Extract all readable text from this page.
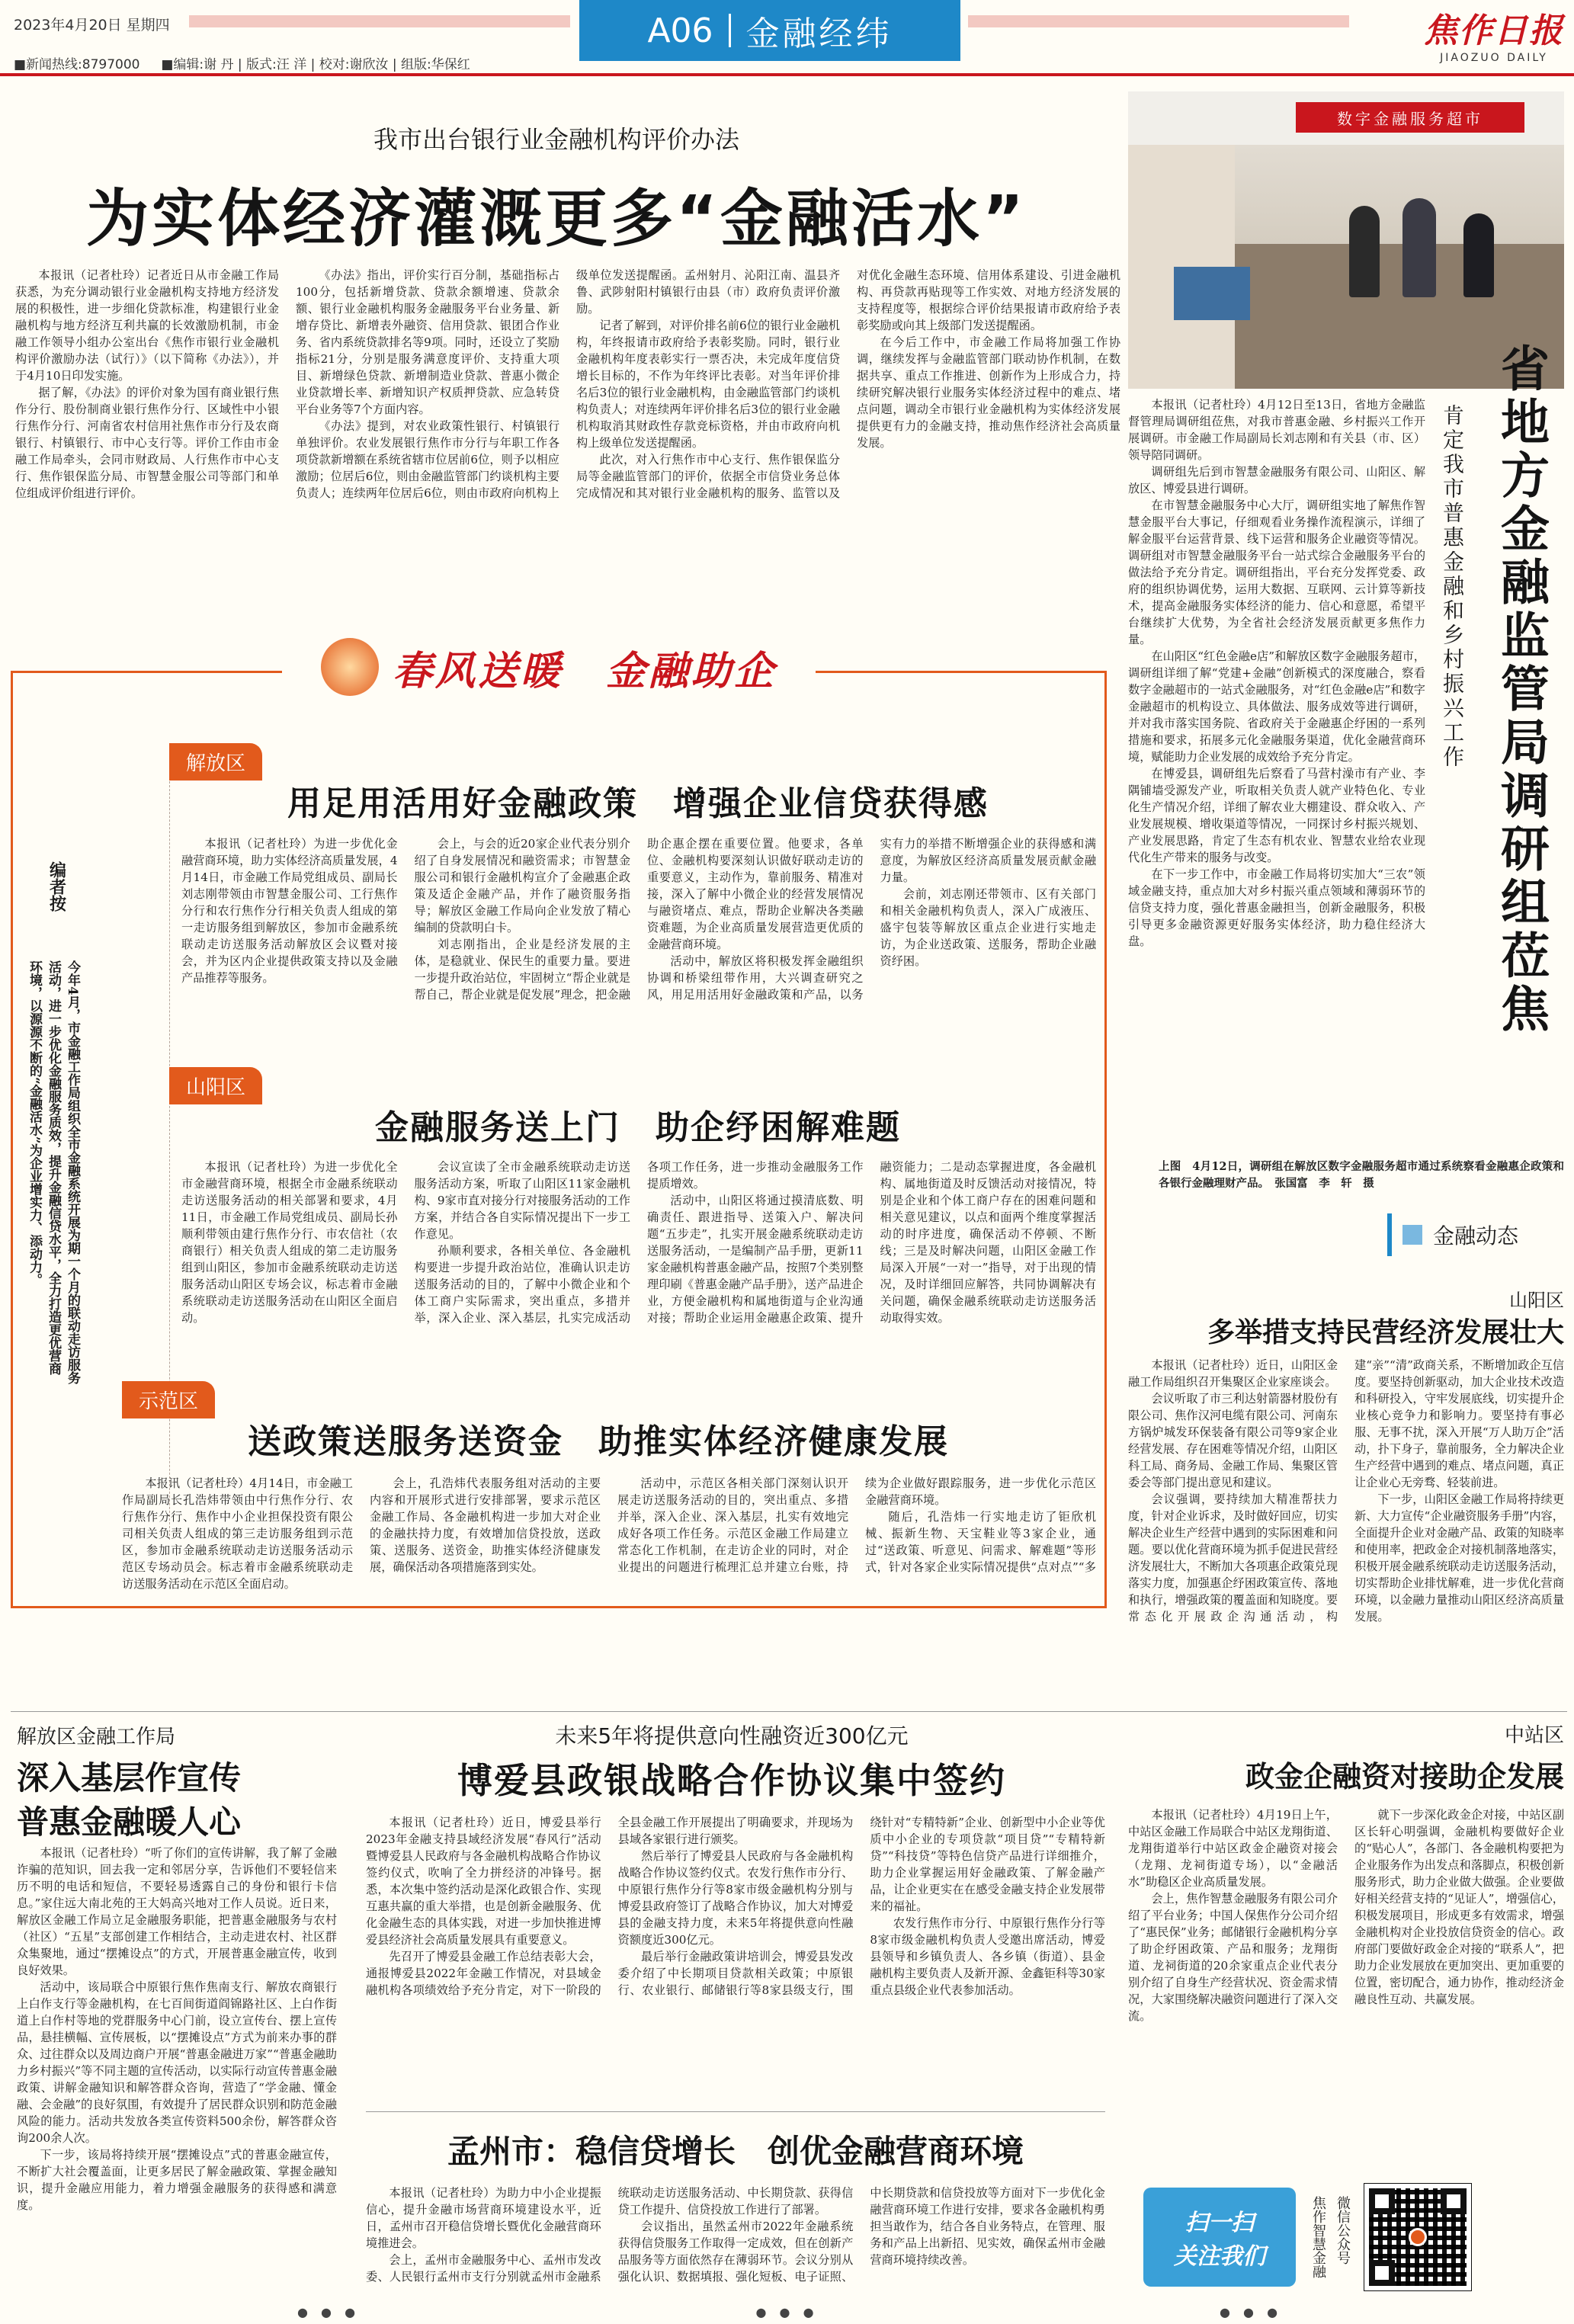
2023年4月20日 星期四	A06 金融经纬
■新闻热线:8797000 　 ■编辑:谢 丹 | 版式:汪 洋 | 校对:谢欣汝 | 组版:华保红
焦作日报
JIAOZUO DAILY
我市出台银行业金融机构评价办法
为实体经济灌溉更多“金融活水”

本报讯（记者杜玲）记者近日从市金融工作局获悉，为充分调动银行业金融机构支持地方经济发展的积极性，进一步细化贷款标准，构建银行业金融机构与地方经济互利共赢的长效激励机制，市金融工作领导小组办公室出台《焦作市银行业金融机构评价激励办法（试行）》（以下简称《办法》），并于4月10日印发实施。

据了解，《办法》的评价对象为国有商业银行焦作分行、股份制商业银行焦作分行、区域性中小银行焦作分行、河南省农村信用社焦作市分行及农商银行、村镇银行、市中心支行等。评价工作由市金融工作局牵头，会同市财政局、人行焦作市中心支行、焦作银保监分局、市智慧金服公司等部门和单位组成评价组进行评价。

《办法》指出，评价实行百分制，基础指标占100分，包括新增贷款、贷款余额增速、贷款余额、银行业金融机构服务金融服务平台业务量、新增存贷比、新增表外融资、信用贷款、银团合作业务、省内系统贷款排名等9项。同时，还设立了奖励指标21分，分别是服务满意度评价、支持重大项目、新增绿色贷款、新增制造业贷款、普惠小微企业贷款增长率、新增知识产权质押贷款、应急转贷平台业务等7个方面内容。

《办法》提到，对农业政策性银行、村镇银行单独评价。农业发展银行焦作市分行与年职工作各项贷款新增额在系统省辖市位居前6位，则予以相应激励；位居后6位，则由金融监管部门约谈机构主要负责人；连续两年位居后6位，则由市政府向机构上级单位发送提醒函。孟州射月、沁阳江南、温县齐鲁、武陟射阳村镇银行由县（市）政府负责评价激励。

记者了解到，对评价排名前6位的银行业金融机构，年终报请市政府给予表彰奖励。同时，银行业金融机构年度表彰实行一票否决，未完成年度信贷增长目标的，不作为年终评比表彰。对当年评价排名后3位的银行业金融机构，由金融监管部门约谈机构负责人；对连续两年评价排名后3位的银行业金融机构取消其财政性存款竞标资格，并由市政府向机构上级单位发送提醒函。

此次，对入行焦作市中心支行、焦作银保监分局等金融监管部门的评价，依据全市信贷业务总体完成情况和其对银行业金融机构的服务、监管以及对优化金融生态环境、信用体系建设、引进金融机构、再贷款再贴现等工作实效、对地方经济发展的支持程度等，根据综合评价结果报请市政府给予表彰奖励或向其上级部门发送提醒函。

在今后工作中，市金融工作局将加强工作协调，继续发挥与金融监管部门联动协作机制，在数据共享、重点工作推进、创新作为上形成合力，持续研究解决银行业服务实体经济过程中的难点、堵点问题，调动全市银行业金融机构为实体经济发展提供更有力的金融支持，推动焦作经济社会高质量发展。

数字金融服务超市
省地方金融监管局调研组莅焦
肯定我市普惠金融和乡村振兴工作

本报讯（记者杜玲）4月12日至13日，省地方金融监督管理局调研组莅焦，对我市普惠金融、乡村振兴工作开展调研。市金融工作局副局长刘志刚和有关县（市、区）领导陪同调研。

调研组先后到市智慧金融服务有限公司、山阳区、解放区、博爱县进行调研。

在市智慧金融服务中心大厅，调研组实地了解焦作智慧金服平台大事记，仔细观看业务操作流程演示，详细了解金服平台运营背景、线下运营和服务企业融资等情况。调研组对市智慧金融服务平台一站式综合金融服务平台的做法给予充分肯定。调研组指出，平台充分发挥党委、政府的组织协调优势，运用大数据、互联网、云计算等新技术，提高金融服务实体经济的能力、信心和意愿，希望平台继续扩大优势，为全省社会经济发展贡献更多焦作力量。

在山阳区“红色金融e店”和解放区数字金融服务超市，调研组详细了解“党建+金融”创新模式的深度融合，察看数字金融超市的一站式金融服务，对“红色金融e店”和数字金融超市的机构设立、具体做法、服务成效等进行调研，并对我市落实国务院、省政府关于金融惠企纾困的一系列措施和要求，拓展多元化金融服务渠道，优化金融营商环境，赋能助力企业发展的成效给予充分肯定。

在博爱县，调研组先后察看了马营村澡市有产业、李隅铺墙受源发产业，听取相关负责人就产业特色化、专业化生产情况介绍，详细了解农业大棚建设、群众收入、产业发展规模、增收渠道等情况，一同探讨乡村振兴规划、产业发展思路，肯定了生态有机农业、智慧农业给农业现代化生产带来的服务与改变。

在下一步工作中，市金融工作局将切实加大“三农”领域金融支持，重点加大对乡村振兴重点领域和薄弱环节的信贷支持力度，强化普惠金融担当，创新金融服务，积极引导更多金融资源更好服务实体经济，助力稳住经济大盘。

上图　4月12日，调研组在解放区数字金融服务超市通过系统察看金融惠企政策和各银行金融理财产品。　张国富　李　轩　摄
春风送暖　金融助企
编者按
今年4月，市金融工作局组织全市金融系统开展为期一个月的联动走访服务活动，进一步优化金融服务质效，提升金融信贷水平，全力打造更优营商环境，以源源不断的“金融活水”为企业增实力、添动力。
解放区
用足用活用好金融政策　增强企业信贷获得感

本报讯（记者杜玲）为进一步优化金融营商环境，助力实体经济高质量发展，4月14日，市金融工作局党组成员、副局长刘志刚带领由市智慧金服公司、工行焦作分行和农行焦作分行相关负责人组成的第一走访服务组到解放区，参加市金融系统联动走访送服务活动解放区会议暨对接会，并为区内企业提供政策支持以及金融产品推荐等服务。

会上，与会的近20家企业代表分别介绍了自身发展情况和融资需求；市智慧金服公司和银行金融机构宣介了金融惠企政策及适企金融产品，并作了融资服务指导；解放区金融工作局向企业发放了精心编制的贷款明白卡。

刘志刚指出，企业是经济发展的主体，是稳就业、保民生的重要力量。要进一步提升政治站位，牢固树立“帮企业就是帮自己，帮企业就是促发展”理念，把金融助企惠企摆在重要位置。他要求，各单位、金融机构要深刻认识做好联动走访的重要意义，主动作为，靠前服务、精准对接，深入了解中小微企业的经营发展情况与融资堵点、难点，帮助企业解决各类融资难题，为企业高质量发展营造更优质的金融营商环境。

活动中，解放区将积极发挥金融组织协调和桥梁纽带作用，大兴调查研究之风，用足用活用好金融政策和产品，以务实有力的举措不断增强企业的获得感和满意度，为解放区经济高质量发展贡献金融力量。

会前，刘志刚还带领市、区有关部门和相关金融机构负责人，深入广成液压、盛宇包装等解放区重点企业进行实地走访，为企业送政策、送服务，帮助企业融资纾困。

山阳区
金融服务送上门　助企纾困解难题

本报讯（记者杜玲）为进一步优化全市金融营商环境，根据全市金融系统联动走访送服务活动的相关部署和要求，4月11日，市金融工作局党组成员、副局长孙顺利带领由建行焦作分行、市农信社（农商银行）相关负责人组成的第二走访服务组到山阳区，参加市金融系统联动走访送服务活动山阳区专场会议，标志着市金融系统联动走访送服务活动在山阳区全面启动。

会议宣读了全市金融系统联动走访送服务活动方案，听取了山阳区11家金融机构、9家市直对接分行对接服务活动的工作方案，并结合各自实际情况提出下一步工作意见。

孙顺利要求，各相关单位、各金融机构要进一步提升政治站位，准确认识走访送服务活动的目的，了解中小微企业和个体工商户实际需求，突出重点，多措并举，深入企业、深入基层，扎实完成活动各项工作任务，进一步推动金融服务工作提质增效。

活动中，山阳区将通过摸清底数、明确责任、跟进指导、送策入户、解决问题“五步走”，扎实开展金融系统联动走访送服务活动，一是编制产品手册，更新11家金融机构普惠金融产品，按照7个类别整理印刷《普惠金融产品手册》，送产品进企业，方便金融机构和属地街道与企业沟通对接；帮助企业运用金融惠企政策、提升融资能力；二是动态掌握进度，各金融机构、属地街道及时反馈活动对接情况，特别是企业和个体工商户存在的困难问题和相关意见建议，以点和面两个维度掌握活动的时序进度，确保活动不停顿、不断线；三是及时解决问题，山阳区金融工作局深入开展“一对一”指导，对于出现的情况，及时详细回应解答，共同协调解决有关问题，确保金融系统联动走访送服务活动取得实效。

示范区
送政策送服务送资金　助推实体经济健康发展

本报讯（记者杜玲）4月14日，市金融工作局副局长孔浩炜带领由中行焦作分行、农行焦作分行、焦作中小企业担保投资有限公司相关负责人组成的第三走访服务组到示范区，参加市金融系统联动走访送服务活动示范区专场动员会。标志着市金融系统联动走访送服务活动在示范区全面启动。

会上，孔浩炜代表服务组对活动的主要内容和开展形式进行安排部署，要求示范区金融工作局、各金融机构进一步加大对企业的金融扶持力度，有效增加信贷投放，送政策、送服务、送资金，助推实体经济健康发展，确保活动各项措施落到实处。

活动中，示范区各相关部门深刻认识开展走访送服务活动的目的，突出重点、多措并举，深入企业、深入基层，扎实有效地完成好各项工作任务。示范区金融工作局建立常态化工作机制，在走访企业的同时，对企业提出的问题进行梳理汇总并建立台账，持续为企业做好跟踪服务，进一步优化示范区金融营商环境。

随后，孔浩炜一行实地走访了钜欣机械、振新生物、天宝鞋业等3家企业，通过“送政策、听意见、问需求、解难题”等形式，针对各家企业实际情况提供“点对点”“多

金融动态
山阳区
多举措支持民营经济发展壮大

本报讯（记者杜玲）近日，山阳区金融工作局组织召开集聚区企业家座谈会。

会议听取了市三利达射箭器材股份有限公司、焦作汉河电缆有限公司、河南东方锅炉城发环保装备有限公司等9家企业经营发展、存在困难等情况介绍，山阳区科工局、商务局、金融工作局、集聚区管委会等部门提出意见和建议。

会议强调，要持续加大精准帮扶力度，针对企业诉求，及时做好回应，切实解决企业生产经营中遇到的实际困难和问题。要以优化营商环境为抓手促进民营经济发展壮大，不断加大各项惠企政策兑现落实力度，加强惠企纾困政策宣传、落地和执行，增强政策的覆盖面和知晓度。要常态化开展政企沟通活动，构建“亲”“清”政商关系，不断增加政企互信度。要坚持创新驱动，加大企业技术改造和科研投入，守牢发展底线，切实提升企业核心竞争力和影响力。要坚持有事必服、无事不扰，深入开展“万人助万企”活动，扑下身子，靠前服务，全力解决企业生产经营中遇到的难点、堵点问题，真正让企业心无旁骛、轻装前进。

下一步，山阳区金融工作局将持续更新、大力宣传“企业融资服务手册”内容，全面提升企业对金融产品、政策的知晓率和使用率，把政金企对接机制落地落实，积极开展金融系统联动走访送服务活动，切实帮助企业排忧解难，进一步优化营商环境，以金融力量推动山阳区经济高质量发展。

解放区金融工作局
深入基层作宣传
普惠金融暖人心

本报讯（记者杜玲）“听了你们的宣传讲解，我了解了金融诈骗的范知识，回去我一定和邻居分享，告诉他们不要轻信来历不明的电话和短信，不要轻易透露自己的身份和银行卡信息。”家住远大南北苑的王大妈高兴地对工作人员说。近日来，解放区金融工作局立足金融服务职能，把普惠金融服务与农村（社区）“五星”支部创建工作相结合，主动走进农村、社区群众集聚地，通过“摆摊设点”的方式，开展普惠金融宣传，收到良好效果。

活动中，该局联合中原银行焦作焦南支行、解放农商银行上白作支行等金融机构，在七百间街道阎锦路社区、上白作街道上白作村等地的党群服务中心门前，设立宣传台、摆上宣传品，悬挂横幅、宣传展板，以“摆摊设点”方式为前来办事的群众、过往群众以及周边商户开展“普惠金融进万家”“普惠金融助力乡村振兴”等不同主题的宣传活动，以实际行动宣传普惠金融政策、讲解金融知识和解答群众咨询，营造了“学金融、懂金融、会金融”的良好氛围，有效提升了居民群众识别和防范金融风险的能力。活动共发放各类宣传资料500余份，解答群众咨询200余人次。

下一步，该局将持续开展“摆摊设点”式的普惠金融宣传，不断扩大社会覆盖面，让更多居民了解金融政策、掌握金融知识，提升金融应用能力，着力增强金融服务的获得感和满意度。

未来5年将提供意向性融资近300亿元
博爱县政银战略合作协议集中签约

本报讯（记者杜玲）近日，博爱县举行2023年金融支持县域经济发展“春风行”活动暨博爱县人民政府与各金融机构战略合作协议签约仪式，吹响了全力拼经济的冲锋号。据悉，本次集中签约活动是深化政银合作、实现互惠共赢的重大举措，也是创新金融服务、优化金融生态的具体实践，对进一步加快推进博爱县经济社会高质量发展具有重要意义。

先召开了博爱县金融工作总结表彰大会，通报博爱县2022年金融工作情况，对县域金融机构各项绩效给予充分肯定，对下一阶段的全县金融工作开展提出了明确要求，并现场为县域各家银行进行颁奖。

然后举行了博爱县人民政府与各金融机构战略合作协议签约仪式。农发行焦作市分行、中原银行焦作分行等8家市级金融机构分别与博爱县政府签订了战略合作协议，加大对博爱县的金融支持力度，未来5年将提供意向性融资额度近300亿元。

最后举行金融政策讲培训会，博爱县发改委介绍了中长期项目贷款相关政策；中原银行、农业银行、邮储银行等8家县级支行，围绕针对“专精特新”企业、创新型中小企业等优质中小企业的专项贷款“项目贷”“专精特新贷”“科技贷”等特色信贷产品进行详细推介，助力企业掌握运用好金融政策、了解金融产品，让企业更实在在感受金融支持企业发展带来的福祉。

农发行焦作市分行、中原银行焦作分行等8家市级金融机构负责人受邀出席活动，博爱县领导和乡镇负责人、各乡镇（街道）、县金融机构主要负责人及新开源、金鑫钜科等30家重点县级企业代表参加活动。

孟州市：稳信贷增长　创优金融营商环境

本报讯（记者杜玲）为助力中小企业提振信心，提升金融市场营商环境建设水平，近日，孟州市召开稳信贷增长暨优化金融营商环境推进会。

会上，孟州市金融服务中心、孟州市发改委、人民银行孟州市支行分别就孟州市金融系统联动走访送服务活动、中长期贷款、获得信贷工作提升、信贷投放工作进行了部署。

会议指出，虽然孟州市2022年金融系统获得信贷服务工作取得一定成效，但在创新产品服务等方面依然存在薄弱环节。会议分别从强化认识、数据填报、强化短板、电子证照、中长期贷款和信贷投放等方面对下一步优化金融营商环境工作进行安排，要求各金融机构勇担当敢作为，结合各自业务特点，在管理、服务和产品上出新招、见实效，确保孟州市金融营商环境持续改善。

中站区
政金企融资对接助企发展

本报讯（记者杜玲）4月19日上午，中站区金融工作局联合中站区龙翔街道、龙翔街道举行中站区政金企融资对接会（龙翔、龙祠街道专场），以“金融活水”助稳区企业高质量发展。

会上，焦作智慧金融服务有限公司介绍了平台业务；中国人保焦作分公司介绍了“惠民保”业务；邮储银行金融机构分享了助企纾困政策、产品和服务；龙翔街道、龙祠街道的20余家重点企业代表分别介绍了自身生产经营状况、资金需求情况，大家围绕解决融资问题进行了深入交流。

就下一步深化政金企对接，中站区副区长轩心明强调，金融机构要做好企业的“贴心人”，各部门、各金融机构要把为企业服务作为出发点和落脚点，积极创新服务形式，助力企业做大做强。企业要做好相关经营支持的“见证人”，增强信心，积极发展项目，形成更多有效需求，增强金融机构对企业投放信贷资金的信心。政府部门要做好政金企对接的“联系人”，把助力企业发展放在更加突出、更加重要的位置，密切配合，通力协作，推动经济金融良性互动、共赢发展。

扫一扫
关注我们	焦作智慧金融 微信公众号
● ● ●
● ● ●	● ● ●
